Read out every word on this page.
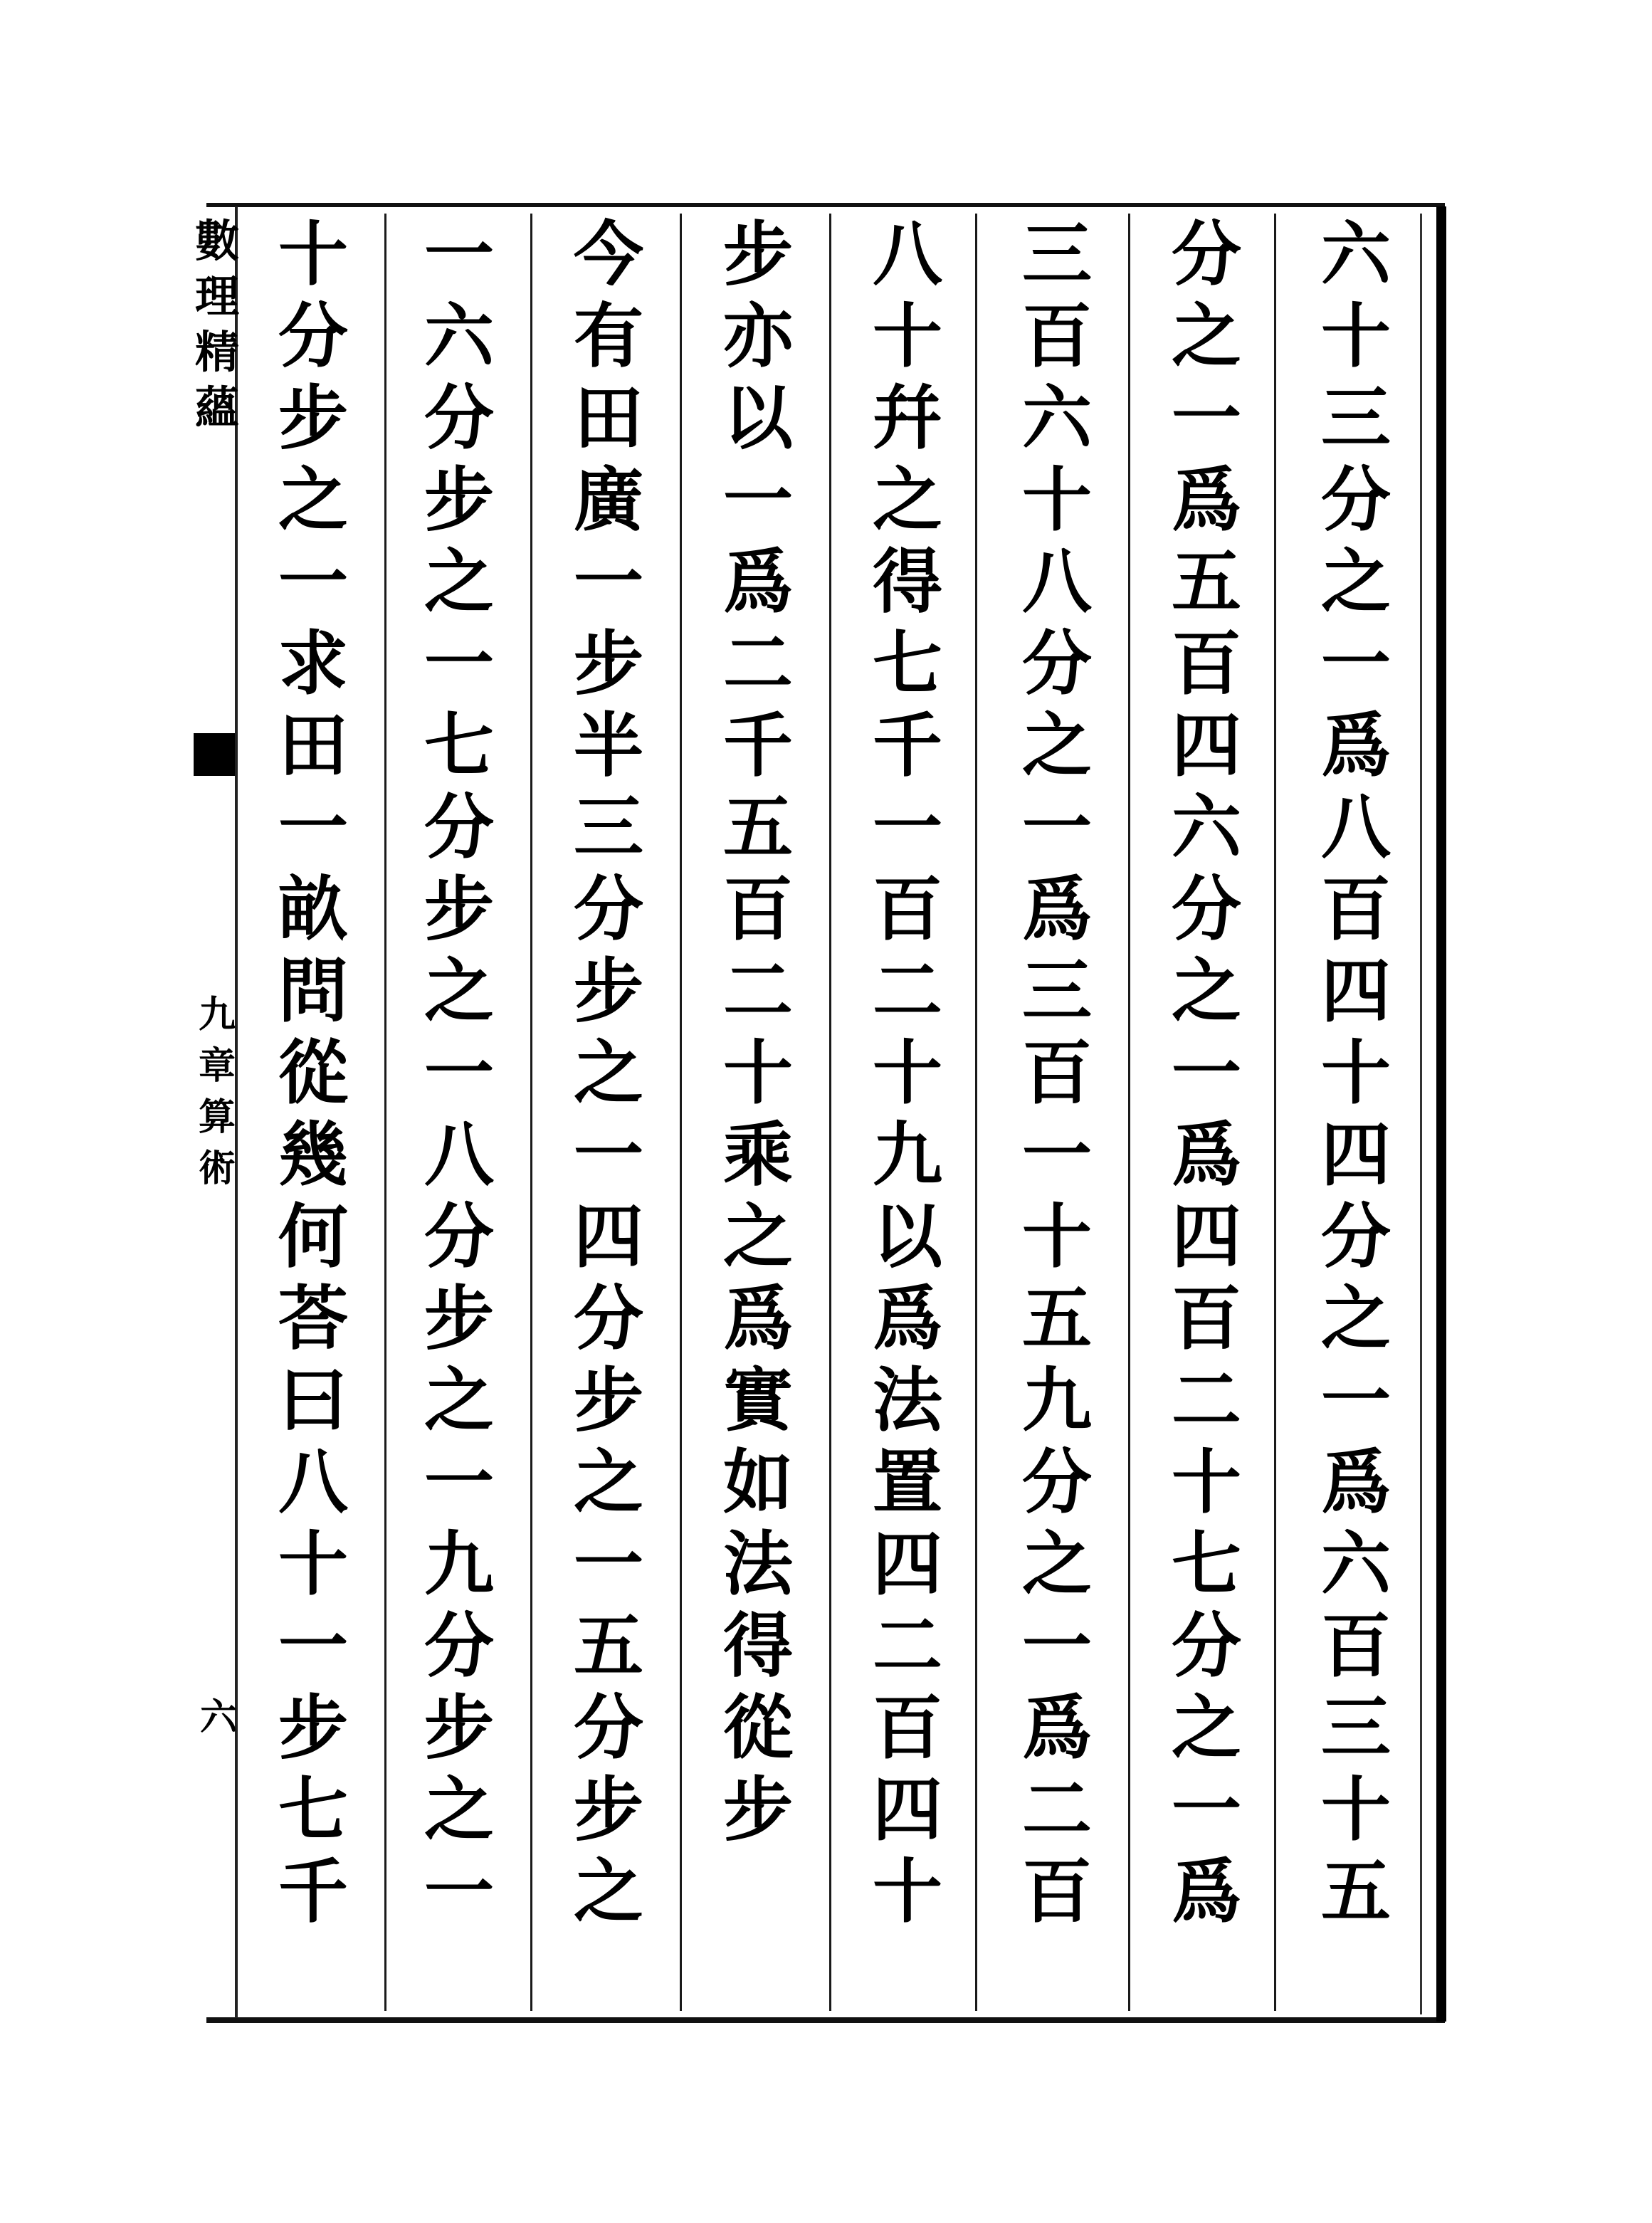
六
十
三
分
之
一
爲
八
百
四
十
四
分
之
一
爲
六
百
三
十
五
分
之
一
爲
五
百
四
六
分
之
一
爲
四
百
二
十
七
分
之
一
爲
三
百
六
十
八
分
之
一
爲
三
百
一
十
五
九
分
之
一
爲
二
百
八
十
幷
之
得
七
千
一
百
二
十
九
以
爲
法
置
四
二
百
四
十
步
亦
以
一
爲
二
千
五
百
二
十
乘
之
爲
實
如
法
得
從
步
今
有
田
廣
一
步
半
三
分
步
之
一
四
分
步
之
一
五
分
步
之
一
六
分
步
之
一
七
分
步
之
一
八
分
步
之
一
九
分
步
之
一
十
分
步
之
一
求
田
一
畝
問
從
幾
何
荅
曰
八
十
一
步
七
千
數
理
精
蘊
九
章
算
術
六
